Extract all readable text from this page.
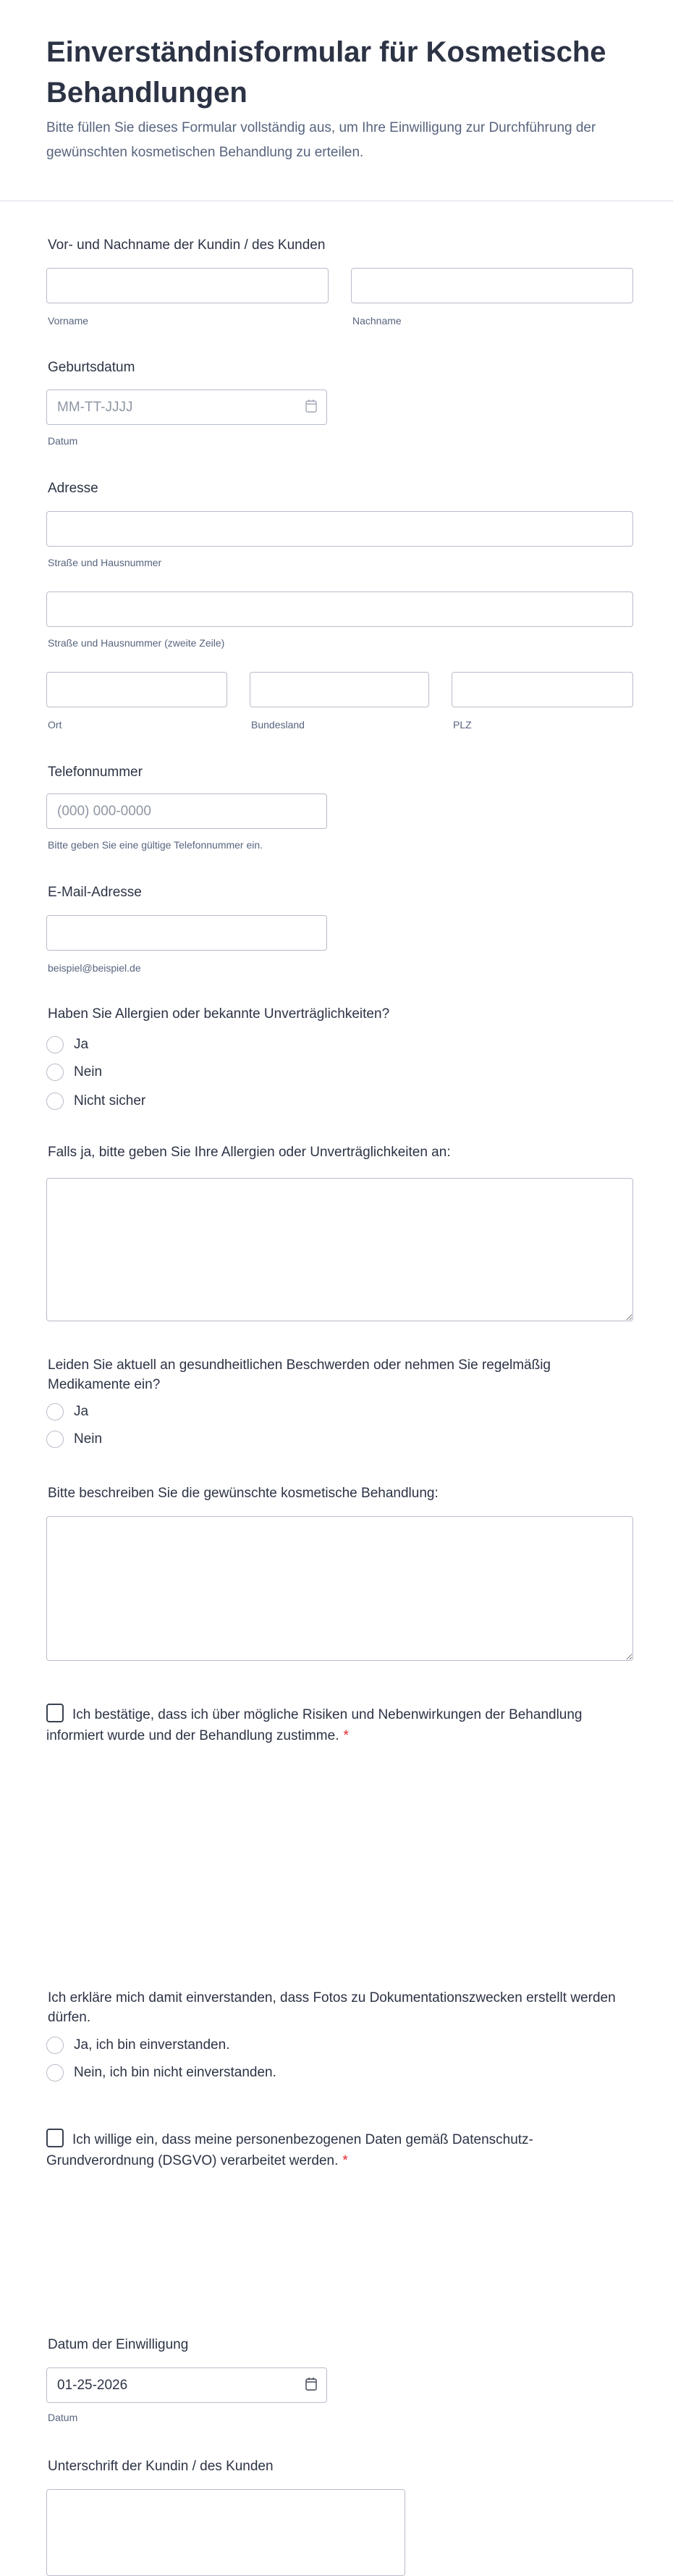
Einverständnisformular für Kosmetische Behandlungen
Bitte füllen Sie dieses Formular vollständig aus, um Ihre Einwilligung zur Durchführung der gewünschten kosmetischen Behandlung zu erteilen.
Vor- und Nachname der Kundin / des Kunden
Vorname	Nachname
Geburtsdatum
MM-TT-JJJJ
Datum
Adresse
Straße und Hausnummer
Straße und Hausnummer (zweite Zeile)
Ort	Bundesland	PLZ
Telefonnummer
(000) 000-0000
Bitte geben Sie eine gültige Telefonnummer ein.
E-Mail-Adresse
beispiel@beispiel.de
Haben Sie Allergien oder bekannte Unverträglichkeiten?
Ja
Nein
Nicht sicher
Falls ja, bitte geben Sie Ihre Allergien oder Unverträglichkeiten an:
Leiden Sie aktuell an gesundheitlichen Beschwerden oder nehmen Sie regelmäßig Medikamente ein?
Ja
Nein
Bitte beschreiben Sie die gewünschte kosmetische Behandlung:
Ich bestätige, dass ich über mögliche Risiken und Nebenwirkungen der Behandlung informiert wurde und der Behandlung zustimme. *
Ich erkläre mich damit einverstanden, dass Fotos zu Dokumentationszwecken erstellt werden dürfen.
Ja, ich bin einverstanden.
Nein, ich bin nicht einverstanden.
Ich willige ein, dass meine personenbezogenen Daten gemäß Datenschutz-Grundverordnung (DSGVO) verarbeitet werden. *
Datum der Einwilligung
01-25-2026
Datum
Unterschrift der Kundin / des Kunden
